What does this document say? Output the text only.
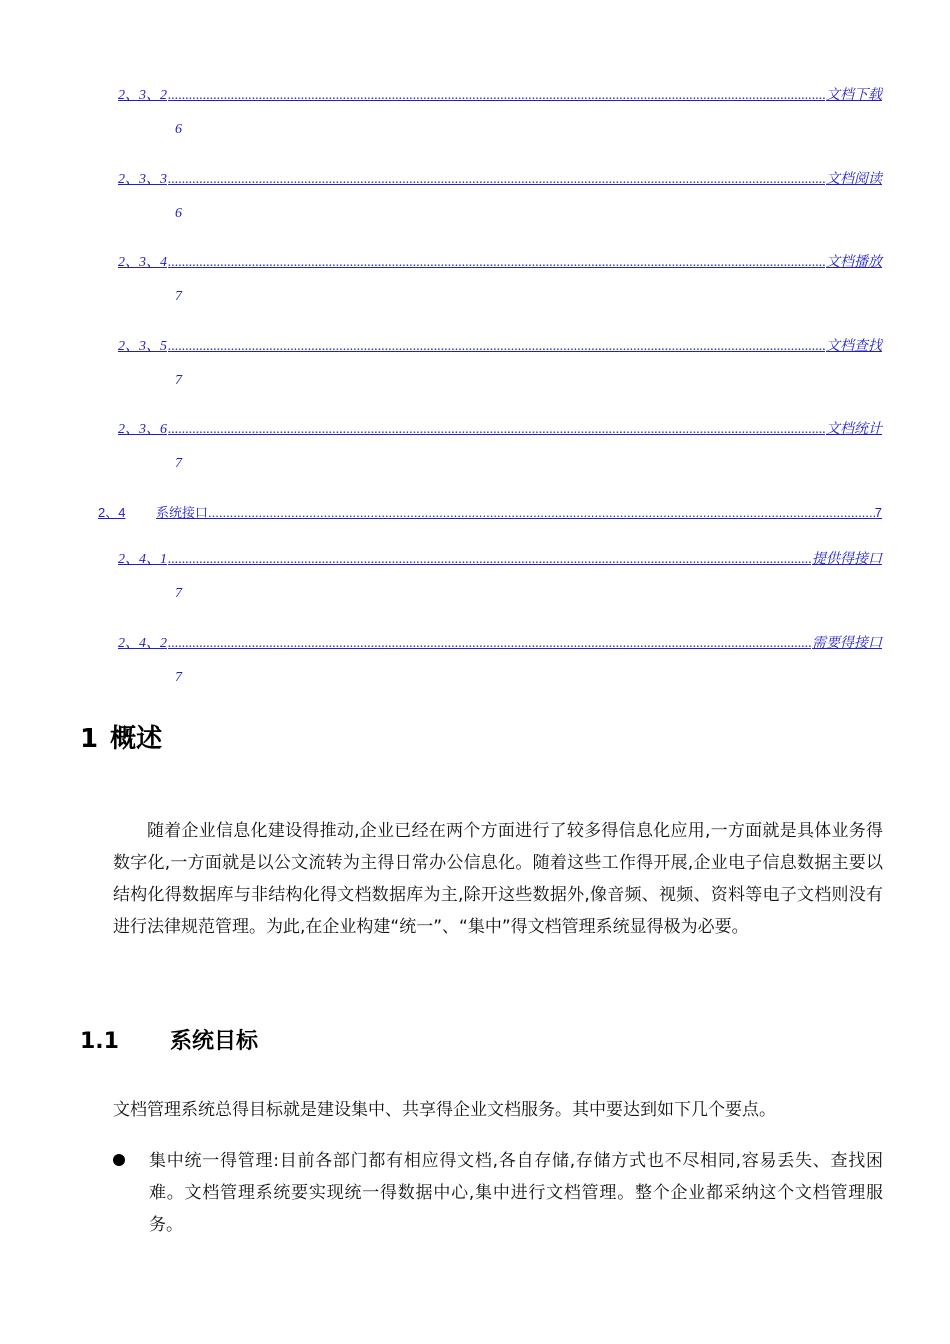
2、3、2 .....	文档下载
6
2、3、3 .....	文档阅读
6
2、3、4 .....	文档播放
7
2、3、5 .....	文档查找
7
2、3、6 .....	文档统计
7
2、4	系统接口 .....	7
2、4、1 .....	提供得接口
7
2、4、2 .....	需要得接口
7
1 概述
随着企业信息化建设得推动,企业已经在两个方面进行了较多得信息化应用,一方面就是具体业务得数字化,一方面就是以公文流转为主得日常办公信息化。随着这些工作得开展,企业电子信息数据主要以结构化得数据库与非结构化得文档数据库为主,除开这些数据外,像音频、视频、资料等电子文档则没有进行法律规范管理。为此,在企业构建“统一”、“集中”得文档管理系统显得极为必要。
1.1 系统目标
文档管理系统总得目标就是建设集中、共享得企业文档服务。其中要达到如下几个要点。
集中统一得管理:目前各部门都有相应得文档,各自存储,存储方式也不尽相同,容易丢失、查找困难。文档管理系统要实现统一得数据中心,集中进行文档管理。整个企业都采纳这个文档管理服务。
